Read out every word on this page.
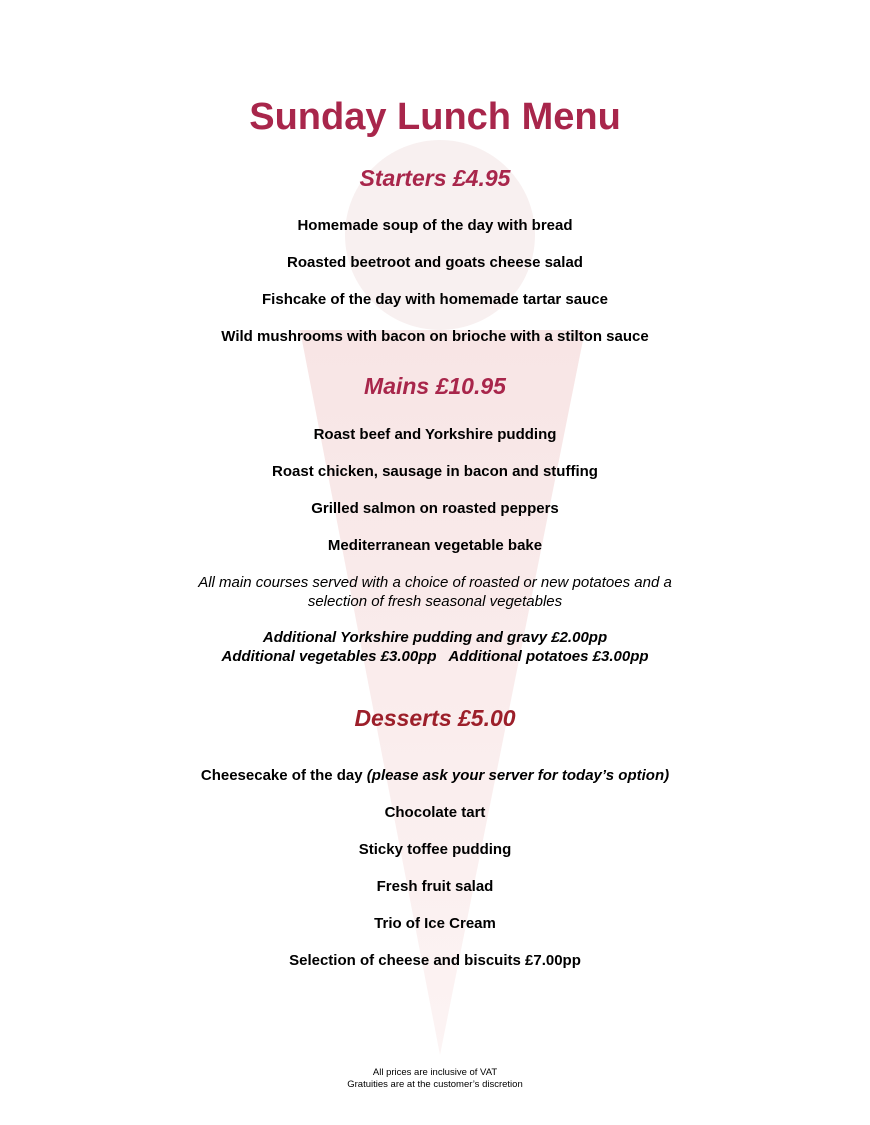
Sunday Lunch Menu
Starters £4.95

Homemade soup of the day with bread

Roasted beetroot and goats cheese salad

Fishcake of the day with homemade tartar sauce

Wild mushrooms with bacon on brioche with a stilton sauce

Mains £10.95

Roast beef and Yorkshire pudding

Roast chicken, sausage in bacon and stuffing

Grilled salmon on roasted peppers

Mediterranean vegetable bake

All main courses served with a choice of roasted or new potatoes and a
selection of fresh seasonal vegetables
Additional Yorkshire pudding and gravy £2.00pp
Additional vegetables £3.00pp   Additional potatoes £3.00pp
Desserts £5.00

Cheesecake of the day (please ask your server for today’s option)

Chocolate tart

Sticky toffee pudding

Fresh fruit salad

Trio of Ice Cream

Selection of cheese and biscuits £7.00pp

All prices are inclusive of VAT
Gratuities are at the customer’s discretion
